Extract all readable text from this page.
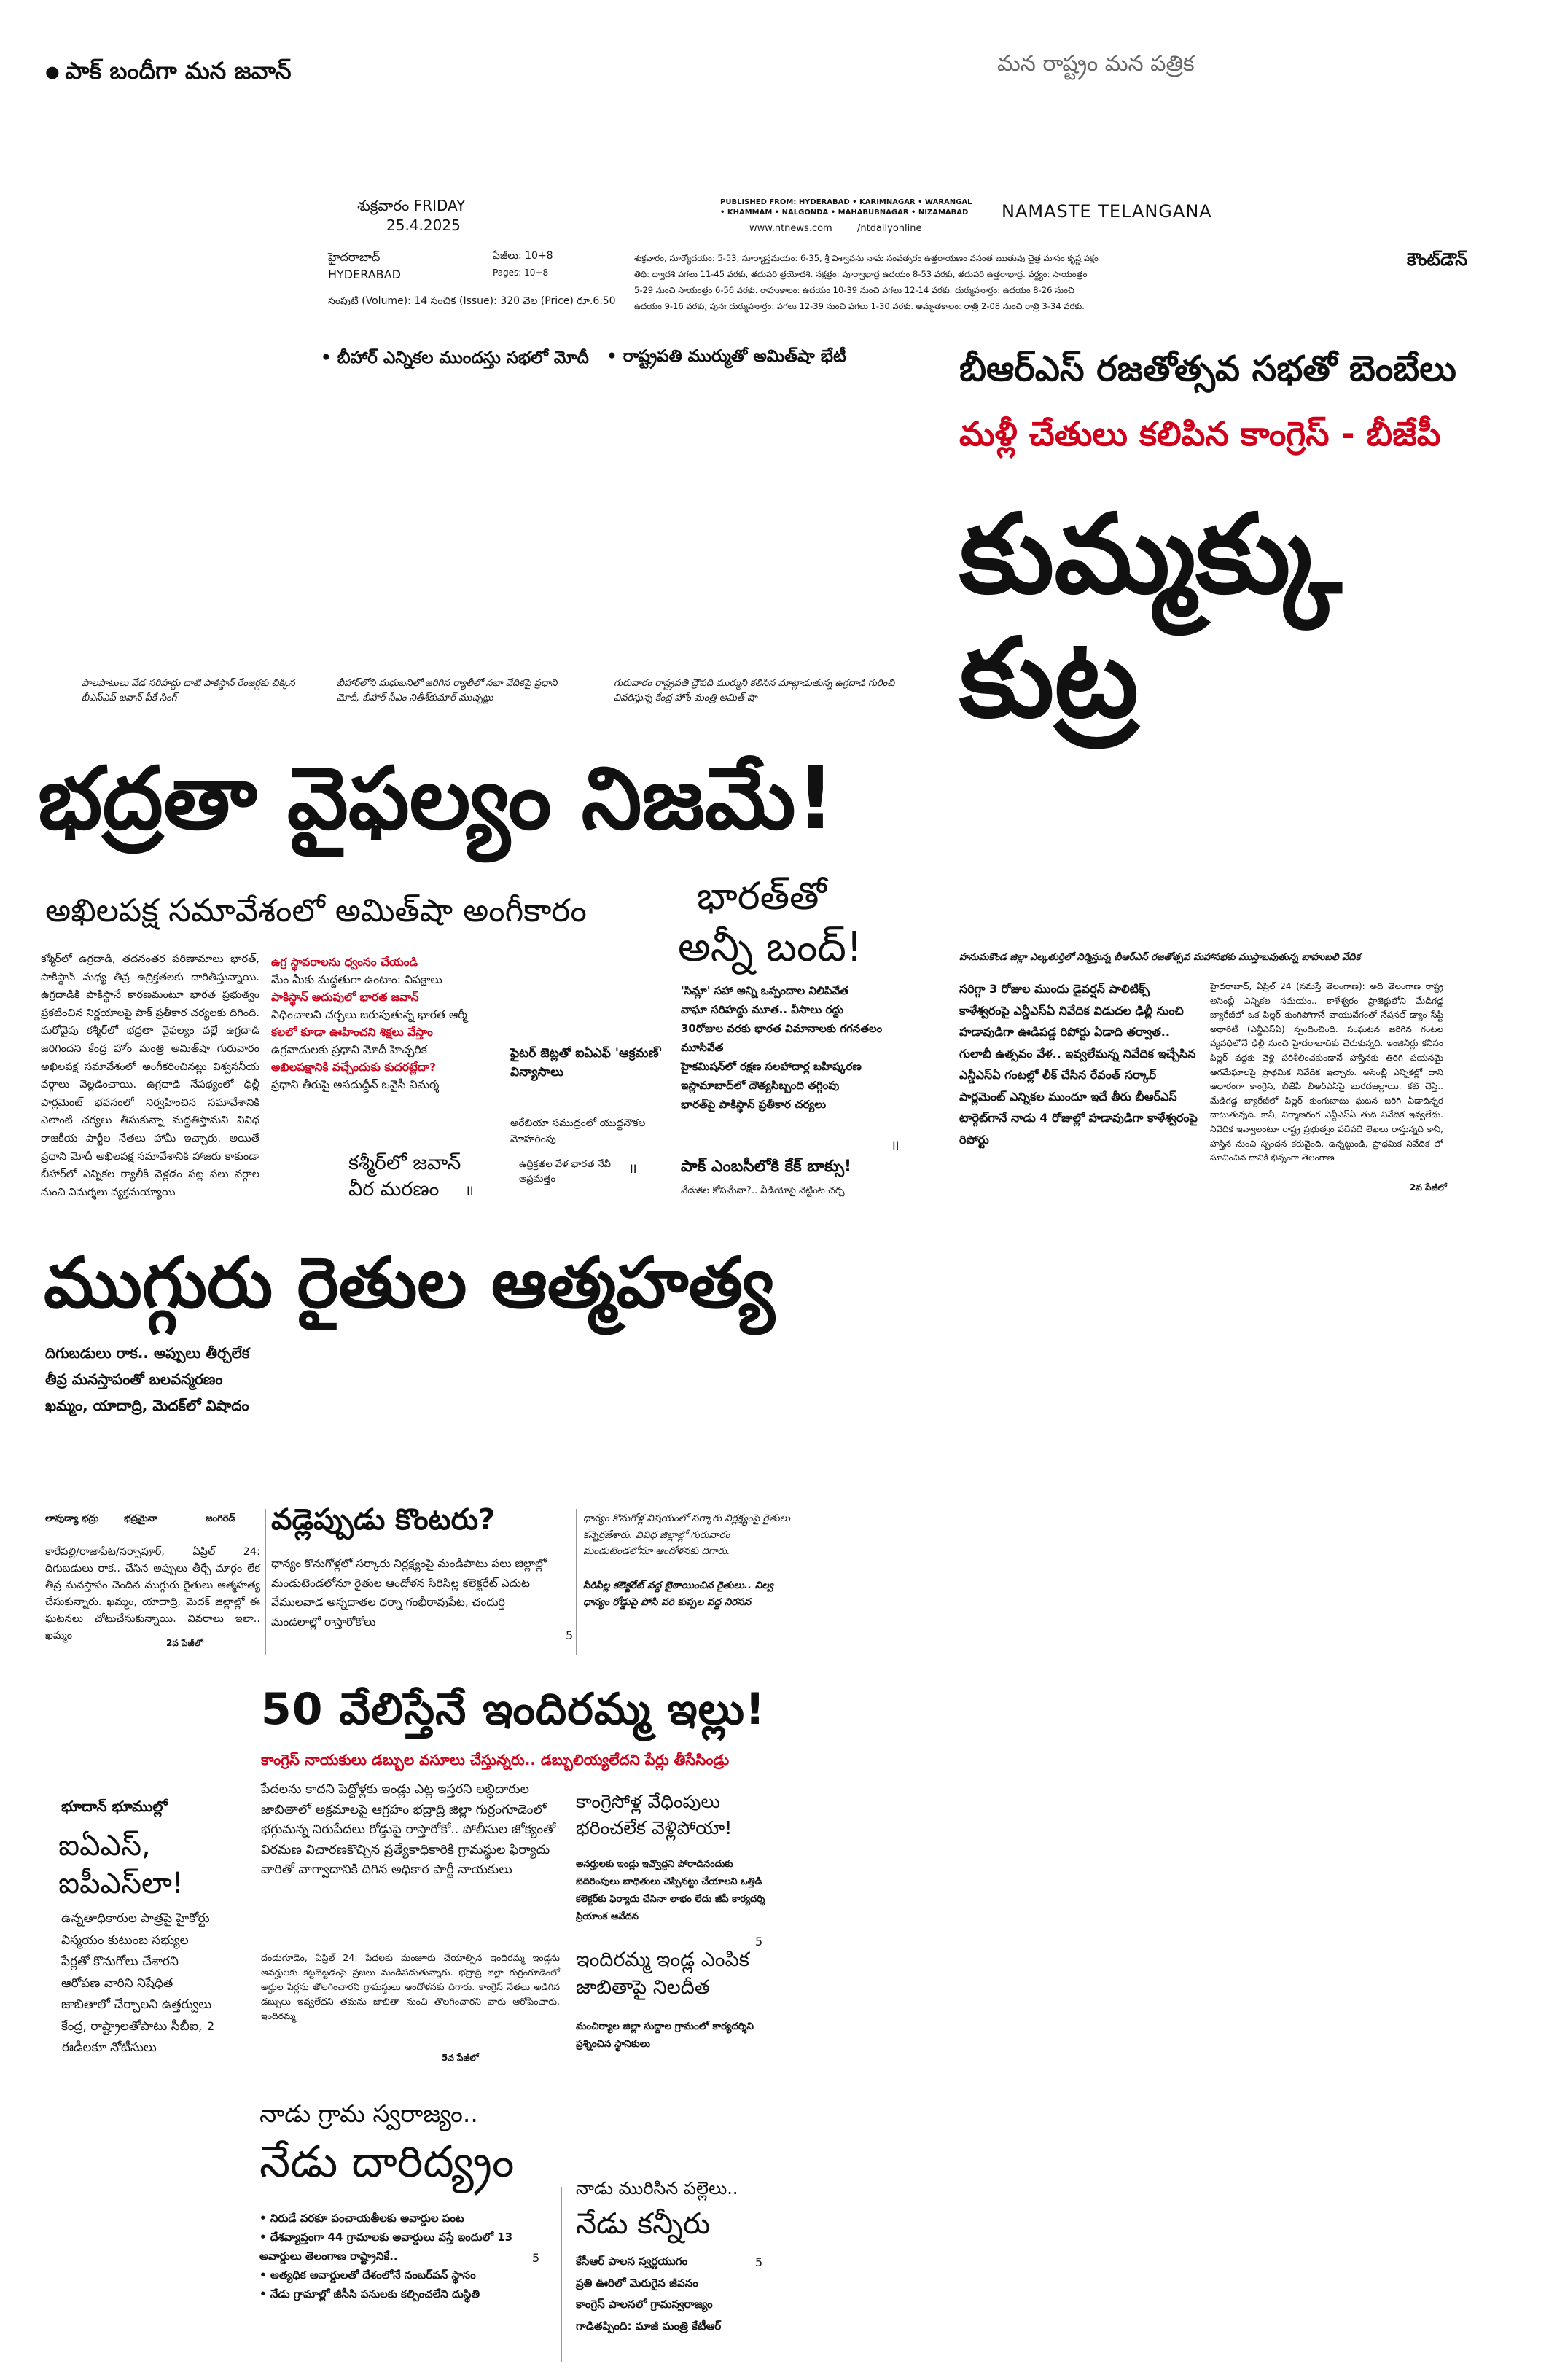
● పాక్ బందీగా మన జవాన్	మన రాష్ట్రం మన పత్రిక
శుక్రవారం FRIDAY
25.4.2025
PUBLISHED FROM: HYDERABAD • KARIMNAGAR • WARANGAL
• KHAMMAM • NALGONDA • MAHABUBNAGAR • NIZAMABAD
www.ntnews.com	/ntdailyonline
NAMASTE TELANGANA
హైదరాబాద్
HYDERABAD
పేజీలు: 10+8
Pages: 10+8
సంపుటి (Volume): 14 సంచిక (Issue): 320 వెల (Price) రూ.6.50
శుక్రవారం, సూర్యోదయం: 5-53, సూర్యాస్తమయం: 6-35, శ్రీ విశ్వావసు నామ సంవత్సరం ఉత్తరాయణం వసంత ఋతువు చైత్ర మాసం కృష్ణ పక్షం
తిథి: ద్వాదశి పగలు 11-45 వరకు, తదుపరి త్రయోదశి. నక్షత్రం: పూర్వాభాద్ర ఉదయం 8-53 వరకు, తదుపరి ఉత్తరాభాద్ర. వర్జ్యం: సాయంత్రం
5-29 నుంచి సాయంత్రం 6-56 వరకు. రాహుకాలం: ఉదయం 10-39 నుంచి పగలు 12-14 వరకు. దుర్ముహూర్తం: ఉదయం 8-26 నుంచి
ఉదయం 9-16 వరకు, పునః దుర్ముహూర్తం: పగలు 12-39 నుంచి పగలు 1-30 వరకు. అమృతకాలం: రాత్రి 2-08 నుంచి రాత్రి 3-34 వరకు.
కౌంట్‌డౌన్
• బీహార్ ఎన్నికల ముందస్తు సభలో మోదీ
•	రాష్ట్రపతి ముర్ముతో అమిత్‌షా భేటీ	బీఆర్‌ఎస్ రజతోత్సవ సభతో బెంబేలు
మళ్లీ చేతులు కలిపిన కాంగ్రెస్ - బీజేపీ
కుమ్మక్కు కుట్ర
పాలపాటులు వేడ సరిహద్దు దాటి పాకిస్థాన్ రేంజర్లకు చిక్కిన బీఎస్‌ఎఫ్ జవాన్ పీకే సింగ్
బీహార్‌లోని మధుబనిలో జరిగిన ర్యాలీలో సభా వేదికపై ప్రధాని మోదీ, బీహార్ సీఎం నితీశ్‌కుమార్ ముచ్చట్లు
గురువారం రాష్ట్రపతి ద్రౌపది ముర్ముని కలిసిన మాట్లాడుతున్న ఉగ్రదాడి గురించి వివరిస్తున్న కేంద్ర హోం మంత్రి అమిత్ షా
భద్రతా వైఫల్యం నిజమే!
అఖిలపక్ష సమావేశంలో అమిత్‌షా అంగీకారం
కశ్మీర్‌లో ఉగ్రదాడి, తదనంతర పరిణామాలు భారత్, పాకిస్థాన్ మధ్య తీవ్ర ఉద్రిక్తతలకు దారితీస్తున్నాయి. ఉగ్రదాడికి పాకిస్థానే కారణమంటూ భారత ప్రభుత్వం ప్రకటించిన నిర్ణయాలపై పాక్ ప్రతీకార చర్యలకు దిగింది. మరోవైపు కశ్మీర్‌లో భద్రతా వైఫల్యం వల్లే ఉగ్రదాడి జరిగిందని కేంద్ర హోం మంత్రి అమిత్‌షా గురువారం అఖిలపక్ష సమావేశంలో అంగీకరించినట్లు విశ్వసనీయ వర్గాలు వెల్లడించాయి. ఉగ్రదాడి నేపథ్యంలో ఢిల్లీ పార్లమెంట్ భవనంలో నిర్వహించిన సమావేశానికి ఎలాంటి చర్యలు తీసుకున్నా మద్దతిస్తామని వివిధ రాజకీయ పార్టీల నేతలు హామీ ఇచ్చారు. అయితే ప్రధాని మోదీ అఖిలపక్ష సమావేశానికి హాజరు కాకుండా బీహార్‌లో ఎన్నికల ర్యాలీకి వెళ్లడం పట్ల పలు వర్గాల నుంచి విమర్శలు వ్యక్తమయ్యాయి
ఉగ్ర స్థావరాలను ధ్వంసం చేయండి
మేం మీకు మద్దతుగా ఉంటాం: విపక్షాలు
పాకిస్థాన్ అదుపులో భారత జవాన్
విధించాలని చర్చలు జరుపుతున్న భారత ఆర్మీ
కలలో కూడా ఊహించని శిక్షలు వేస్తాం
ఉగ్రవాదులకు ప్రధాని మోదీ హెచ్చరిక
అఖిలపక్షానికి వచ్చేందుకు కుదరట్లేదా?
ప్రధాని తీరుపై అసదుద్దీన్ ఒవైసీ విమర్శ
ఫైటర్ జెట్లతో ఐఏఎఫ్ 'ఆక్రమణ్' విన్యాసాలు
అరేబియా సముద్రంలో యుద్ధనౌకల మోహరింపు
ఉద్రిక్తతల వేళ భారత నేవీ అప్రమత్తం
II
కశ్మీర్‌లో జవాన్ వీర మరణం	II
భారత్‌తో
అన్నీ బంద్!
'సిమ్లా' సహా అన్ని ఒప్పందాల నిలిపివేత
వాఘా సరిహద్దు మూత.. వీసాలు రద్దు
30రోజుల వరకు భారత విమానాలకు గగనతలం మూసివేత
హైకమిషన్‌లో రక్షణ సలహాదార్ల బహిష్కరణ
ఇస్లామాబాద్‌లో దౌత్యసిబ్బంది తగ్గింపు
భారత్‌పై పాకిస్థాన్ ప్రతీకార చర్యలు
II
పాక్ ఎంబసీలోకి కేక్ బాక్సు!
వేడుకల కోసమేనా?.. వీడియోపై నెట్టింట చర్చ
హనుమకొండ జిల్లా ఎల్కతుర్తిలో నిర్మిస్తున్న బీఆర్‌ఎస్ రజతోత్సవ మహాసభకు ముస్తాబవుతున్న బాహుబలి వేదిక
సరిగ్గా 3 రోజుల ముందు డైవర్షన్ పాలిటిక్స్ కాళేశ్వరంపై ఎన్డీఎస్‌ఏ నివేదిక విడుదల ఢిల్లీ నుంచి హడావుడిగా ఊడిపడ్డ రిపోర్టు ఏడాది తర్వాత.. గులాబీ ఉత్సవం వేళ.. ఇవ్వలేమన్న నివేదిక ఇచ్చేసిన ఎన్డీఎస్‌ఏ గంటల్లో లీక్ చేసిన రేవంత్ సర్కార్ పార్లమెంట్ ఎన్నికల ముందూ ఇదే తీరు బీఆర్‌ఎస్ టార్గెట్‌గానే నాడు 4 రోజుల్లో హడావుడిగా కాళేశ్వరంపై రిపోర్టు
హైదరాబాద్, ఏప్రిల్ 24 (నమస్తే తెలంగాణ): అది తెలంగాణ రాష్ట్ర అసెంబ్లీ ఎన్నికల సమయం.. కాళేశ్వరం ప్రాజెక్టులోని మేడిగడ్డ బ్యారేజీలో ఒక పిల్లర్ కుంగిపోగానే వాయువేగంతో నేషనల్ డ్యాం సేఫ్టీ అథారిటీ (ఎన్డీఎస్‌ఏ) స్పందించింది. సంఘటన జరిగిన గంటల వ్యవధిలోనే ఢిల్లీ నుంచి హైదరాబాద్‌కు చేరుకున్నది. ఇంజినీర్లు కనీసం పిల్లర్ వద్దకు వెళ్లి పరిశీలించకుండానే హస్తినకు తిరిగి పయనమై ఆగమేఘాలపై ప్రాథమిక నివేదిక ఇచ్చారు. అసెంబ్లీ ఎన్నికల్లో దాని ఆధారంగా కాంగ్రెస్, బీజేపీ బీఆర్‌ఎస్‌పై బురదజల్లాయి. కట్ చేస్తే.. మేడిగడ్డ బ్యారేజీలో పిల్లర్ కుంగుబాటు ఘటన జరిగి ఏడాదిన్నర దాటుతున్నది. కానీ, నిర్మాణరంగ ఎన్డీఎస్‌ఏ తుది నివేదిక ఇవ్వలేదు. నివేదిక ఇవ్వాలంటూ రాష్ట్ర ప్రభుత్వం పదేపదే లేఖలు రాస్తున్నది కానీ, హస్తిన నుంచి స్పందన కరువైంది. ఉన్నట్టుండి, ప్రాథమిక నివేదిక లో సూచించిన దానికి భిన్నంగా తెలంగాణ
2వ పేజీలో
ముగ్గురు రైతుల ఆత్మహత్య
దిగుబడులు రాక.. అప్పులు తీర్చలేక
తీవ్ర మనస్తాపంతో బలవన్మరణం
ఖమ్మం, యాదాద్రి, మెదక్‌లో విషాదం
లావుడ్యా భద్రు	భద్రమైనా	జంగిరెడ్
కారేపల్లి/రాజాపేట/నర్సాపూర్, ఏప్రిల్ 24: దిగుబడులు రాక.. చేసిన అప్పులు తీర్చే మార్గం లేక తీవ్ర మనస్తాపం చెందిన ముగ్గురు రైతులు ఆత్మహత్య చేసుకున్నారు. ఖమ్మం, యాదాద్రి, మెదక్ జిల్లాల్లో ఈ ఘటనలు చోటుచేసుకున్నాయి. వివరాలు ఇలా.. ఖమ్మం
2వ పేజీలో
వడ్లెప్పుడు కొంటరు?
ధాన్యం కొనుగోళ్లలో సర్కారు నిర్లక్ష్యంపై మండిపాటు పలు జిల్లాల్లో మండుటెండలోనూ రైతుల ఆందోళన సిరిసిల్ల కలెక్టరేట్ ఎదుట వేములవాడ అన్నదాతల ధర్నా గంభీరావుపేట, చందుర్తి మండలాల్లో రాస్తారోకోలు
5
ధాన్యం కొనుగోళ్ల విషయంలో సర్కారు నిర్లక్ష్యంపై రైతులు కన్నెర్రజేశారు. వివిధ జిల్లాల్లో గురువారం మండుటెండలోనూ ఆందోళనకు దిగారు.
సిరిసిల్ల కలెక్టరేట్ వద్ద బైఠాయించిన రైతులు.. నిల్వ ధాన్యం రోడ్డుపై పోసి వరి కుప్పల వద్ద నిరసన
50 వేలిస్తేనే ఇందిరమ్మ ఇల్లు!
కాంగ్రెస్ నాయకులు డబ్బుల వసూలు చేస్తున్నరు.. డబ్బులియ్యలేదని పేర్లు తీసేసిండ్రు
పేదలను కాదని పెద్దోళ్లకు ఇండ్లు ఎట్ల ఇస్తరని లబ్ధిదారుల జాబితాలో అక్రమాలపై ఆగ్రహం భద్రాద్రి జిల్లా గుర్రంగూడెంలో భగ్గుమన్న నిరుపేదలు రోడ్డుపై రాస్తారోకో.. పోలీసుల జోక్యంతో విరమణ విచారణకొచ్చిన ప్రత్యేకాధికారికి గ్రామస్థుల ఫిర్యాదు వారితో వాగ్వాదానికి దిగిన అధికార పార్టీ నాయకులు
దండుగూడెం, ఏప్రిల్ 24: పేదలకు మంజూరు చేయాల్సిన ఇందిరమ్మ ఇండ్లను అనర్హులకు కట్టబెట్టడంపై ప్రజలు మండిపడుతున్నారు. భద్రాద్రి జిల్లా గుర్రంగూడెంలో అర్హుల పేర్లను తొలగించారని గ్రామస్థులు ఆందోళనకు దిగారు. కాంగ్రెస్ నేతలు అడిగిన డబ్బులు ఇవ్వలేదని తమను జాబితా నుంచి తొలగించారని వారు ఆరోపించారు. ఇందిరమ్మ
5వ పేజీలో
కాంగ్రెసోళ్ల వేధింపులు భరించలేక వెళ్లిపోయా!
అనర్హులకు ఇండ్లు ఇవ్వొద్దని పోరాడినందుకు బెదిరింపులు బాధితులు చెప్పినట్టు చేయాలని ఒత్తిడి కలెక్టర్‌కు ఫిర్యాదు చేసినా లాభం లేదు జీపీ కార్యదర్శి ప్రియాంక ఆవేదన
5
ఇందిరమ్మ ఇండ్ల ఎంపిక జాబితాపై నిలదీత
మంచిర్యాల జిల్లా సుద్దాల గ్రామంలో కార్యదర్శిని ప్రశ్నించిన స్థానికులు
భూదాన్ భూముల్లో
ఐఏఎస్, ఐపీఎస్‌లా!
ఉన్నతాధికారుల పాత్రపై హైకోర్టు విస్మయం కుటుంబ సభ్యుల పేర్లతో కొనుగోలు చేశారని ఆరోపణ వారిని నిషేధిత జాబితాలో చేర్చాలని ఉత్తర్వులు కేంద్ర, రాష్ట్రాలతోపాటు సీబీఐ, ఈడీలకూ నోటీసులు
2
నాడు గ్రామ స్వరాజ్యం..
నేడు దారిద్య్రం
• నిరుడే వరకూ పంచాయతీలకు అవార్డుల పంట
• దేశవ్యాప్తంగా 44 గ్రామాలకు అవార్డులు వస్తే ఇందులో 13 అవార్డులు తెలంగాణ రాష్ట్రానికే..
• అత్యధిక అవార్డులతో దేశంలోనే నంబర్‌వన్ స్థానం
• నేడు గ్రామాల్లో జీసీసి పనులకు కల్పించలేని దుస్థితి
5
నాడు మురిసిన పల్లెలు..
నేడు కన్నీరు
కేసీఆర్ పాలన స్వర్ణయుగం
ప్రతి ఊరిలో మెరుగైన జీవనం
కాంగ్రెస్ పాలనలో గ్రామస్వరాజ్యం
గాడితప్పింది: మాజీ మంత్రి కేటీఆర్
5
